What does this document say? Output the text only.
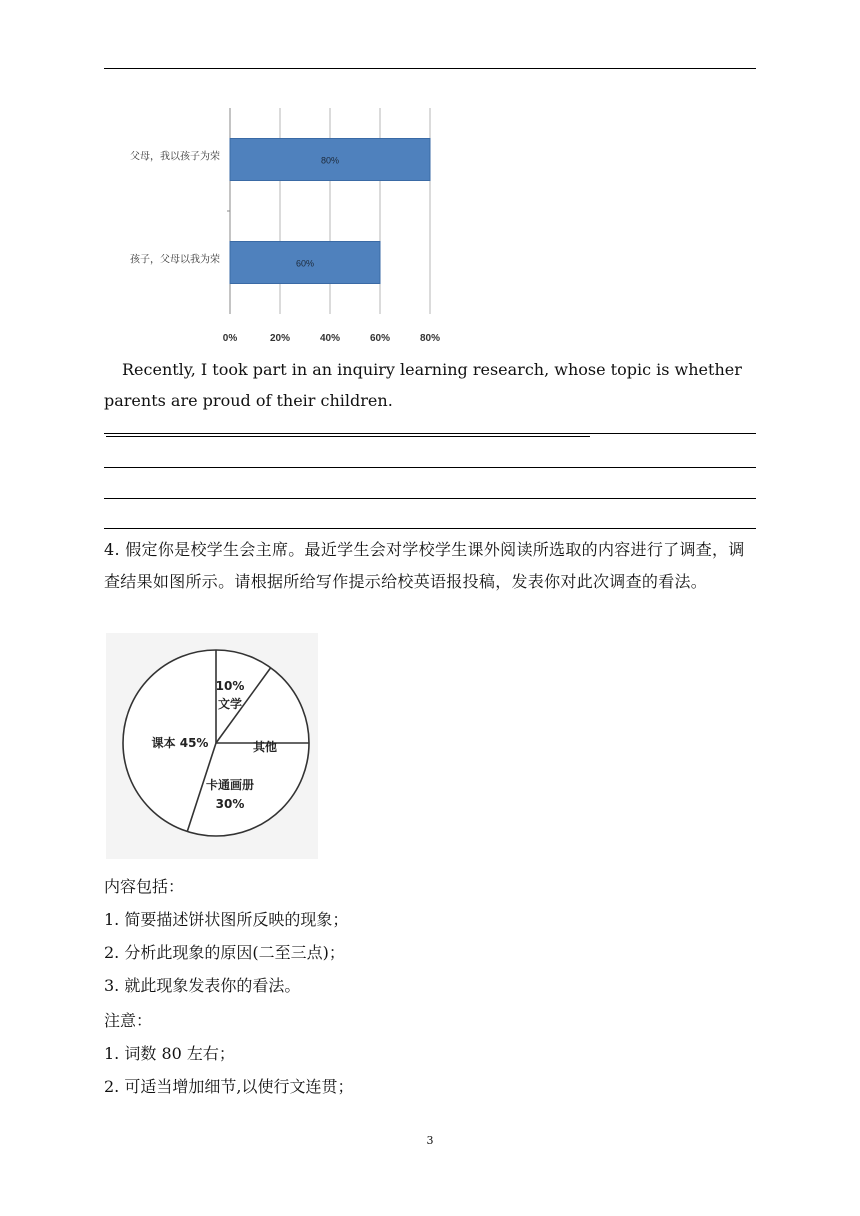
80%
60%
父母，我以孩子为荣
孩子，父母以我为荣
0%	20%	40%	60%	80%
Recently, I took part in an inquiry learning research, whose topic is whether parents are proud of their children.
4. 假定你是校学生会主席。最近学生会对学校学生课外阅读所选取的内容进行了调查，调查结果如图所示。请根据所给写作提示给校英语报投稿，发表你对此次调查的看法。
10%
文学
其他
卡通画册
30%
课本 45%
内容包括：
1. 简要描述饼状图所反映的现象；
2. 分析此现象的原因(二至三点)；
3. 就此现象发表你的看法。
注意：
1. 词数 80 左右；
2. 可适当增加细节,以使行文连贯；
3
